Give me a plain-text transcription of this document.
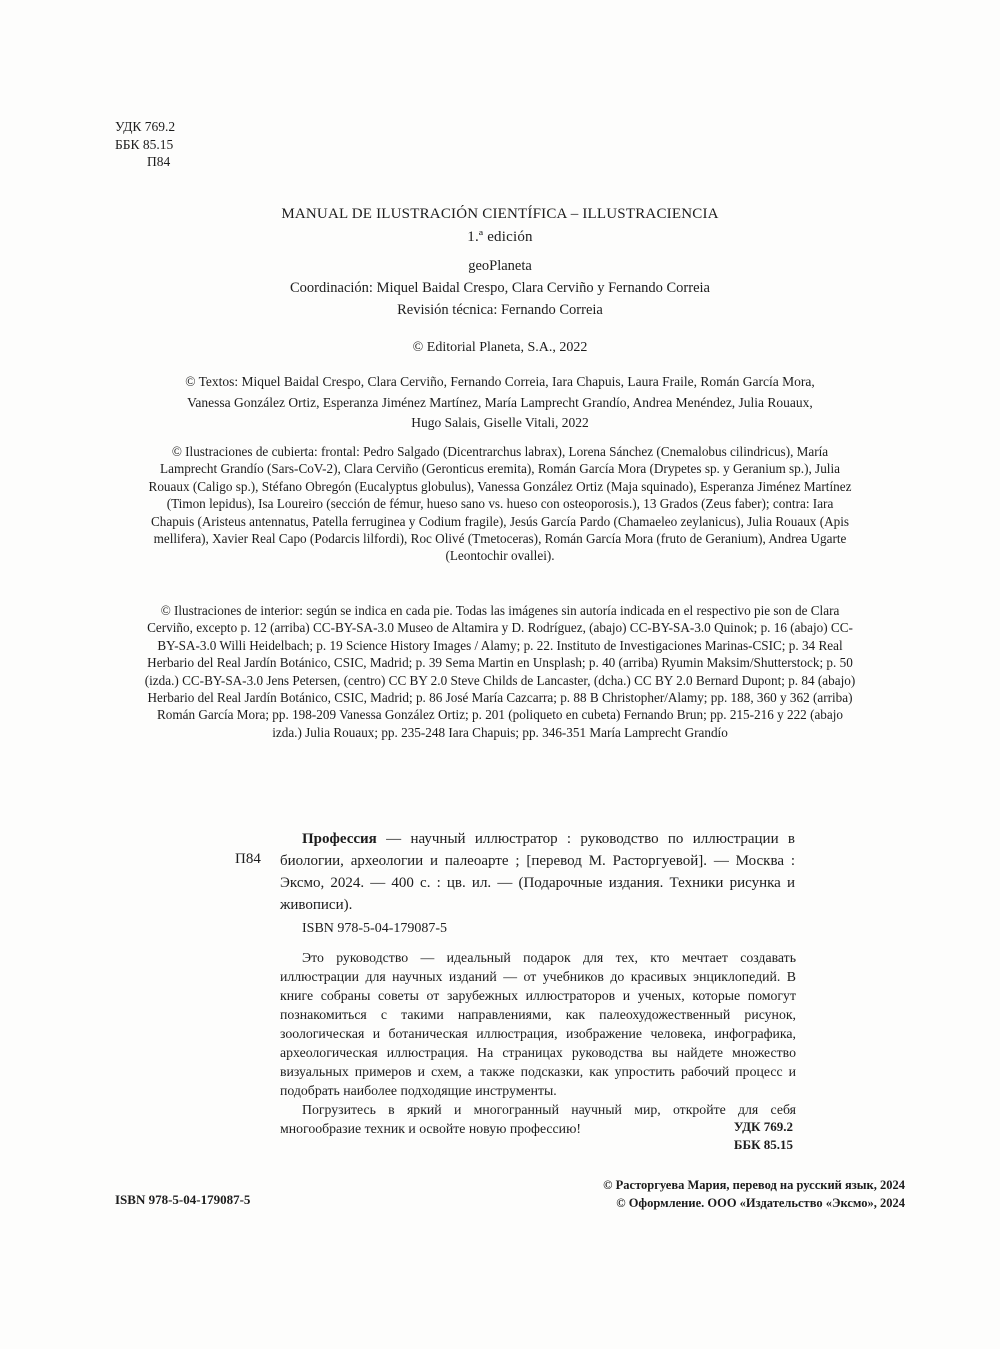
УДК 769.2
ББК 85.15
П84
MANUAL DE ILUSTRACIÓN CIENTÍFICA – ILLUSTRACIENCIA
1.ª edición
geoPlaneta
Coordinación: Miquel Baidal Crespo, Clara Cerviño y Fernando Correia
Revisión técnica: Fernando Correia
© Editorial Planeta, S.A., 2022
© Textos: Miquel Baidal Crespo, Clara Cerviño, Fernando Correia, Iara Chapuis, Laura Fraile, Román García Mora, Vanessa González Ortiz, Esperanza Jiménez Martínez, María Lamprecht Grandío, Andrea Menéndez, Julia Rouaux, Hugo Salais, Giselle Vitali, 2022
© Ilustraciones de cubierta: frontal: Pedro Salgado (Dicentrarchus labrax), Lorena Sánchez (Cnemalobus cilindricus), María Lamprecht Grandío (Sars-CoV-2), Clara Cerviño (Geronticus eremita), Román García Mora (Drypetes sp. y Geranium sp.), Julia Rouaux (Caligo sp.), Stéfano Obregón (Eucalyptus globulus), Vanessa González Ortiz (Maja squinado), Esperanza Jiménez Martínez (Timon lepidus), Isa Loureiro (sección de fémur, hueso sano vs. hueso con osteoporosis.), 13 Grados (Zeus faber); contra: Iara Chapuis (Aristeus antennatus, Patella ferruginea y Codium fragile), Jesús García Pardo (Chamaeleo zeylanicus), Julia Rouaux (Apis mellifera), Xavier Real Capo (Podarcis lilfordi), Roc Olivé (Tmetoceras), Román García Mora (fruto de Geranium), Andrea Ugarte (Leontochir ovallei).
© Ilustraciones de interior: según se indica en cada pie. Todas las imágenes sin autoría indicada en el respectivo pie son de Clara Cerviño, excepto p. 12 (arriba) CC-BY-SA-3.0 Museo de Altamira y D. Rodríguez, (abajo) CC-BY-SA-3.0 Quinok; p. 16 (abajo) CC-BY-SA-3.0 Willi Heidelbach; p. 19 Science History Images / Alamy; p. 22. Instituto de Investigaciones Marinas-CSIC; p. 34 Real Herbario del Real Jardín Botánico, CSIC, Madrid; p. 39 Sema Martin en Unsplash; p. 40 (arriba) Ryumin Maksim/Shutterstock; p. 50 (izda.) CC-BY-SA-3.0 Jens Petersen, (centro) CC BY 2.0 Steve Childs de Lancaster, (dcha.) CC BY 2.0 Bernard Dupont; p. 84 (abajo) Herbario del Real Jardín Botánico, CSIC, Madrid; p. 86 José María Cazcarra; p. 88 B Christopher/Alamy; pp. 188, 360 y 362 (arriba) Román García Mora; pp. 198-209 Vanessa González Ortiz; p. 201 (poliqueto en cubeta) Fernando Brun; pp. 215-216 y 222 (abajo izda.) Julia Rouaux; pp. 235-248 Iara Chapuis; pp. 346-351 María Lamprecht Grandío
П84

Профессия — научный иллюстратор : руководство по иллюстрации в биологии, археологии и палеоарте ; [перевод М. Расторгуевой]. — Москва : Эксмо, 2024. — 400 с. : цв. ил. — (Подарочные издания. Техники рисунка и живописи).

ISBN 978-5-04-179087-5

Это руководство — идеальный подарок для тех, кто мечтает создавать иллюстрации для научных изданий — от учебников до красивых энциклопедий. В книге собраны советы от зарубежных иллюстраторов и ученых, которые помогут познакомиться с такими направлениями, как палеохудожественный рисунок, зоологическая и ботаническая иллюстрация, изображение человека, инфографика, археологическая иллюстрация. На страницах руководства вы найдете множество визуальных примеров и схем, а также подсказки, как упростить рабочий процесс и подобрать наиболее подходящие инструменты.

Погрузитесь в яркий и многогранный научный мир, откройте для себя многообразие техник и освойте новую профессию!	УДК 769.2
ББК 85.15
© Расторгуева Мария, перевод на русский язык, 2024
© Оформление. ООО «Издательство «Эксмо», 2024
ISBN 978-5-04-179087-5
